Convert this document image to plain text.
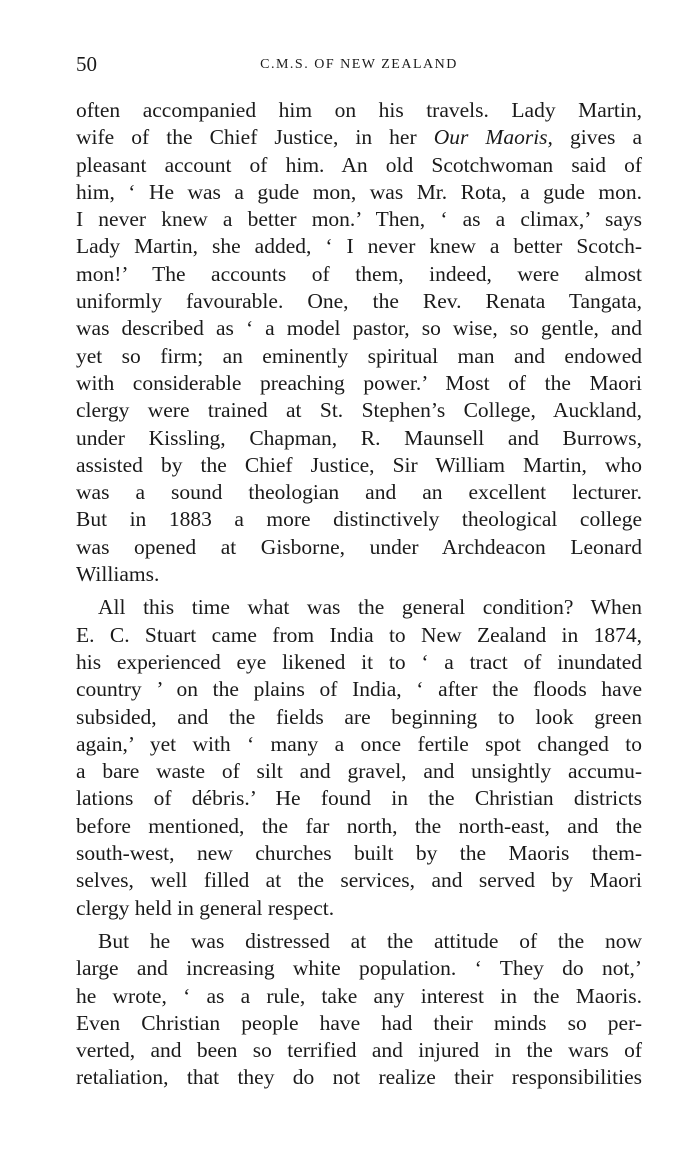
50	C.M.S. OF NEW ZEALAND
often accompanied him on his travels. Lady Martin,
wife of the Chief Justice, in her Our Maoris, gives a
pleasant account of him. An old Scotchwoman said of
him, ‘ He was a gude mon, was Mr. Rota, a gude mon.
I never knew a better mon.’ Then, ‘ as a climax,’ says
Lady Martin, she added, ‘ I never knew a better Scotch-
mon!’ The accounts of them, indeed, were almost
uniformly favourable. One, the Rev. Renata Tangata,
was described as ‘ a model pastor, so wise, so gentle, and
yet so firm; an eminently spiritual man and endowed
with considerable preaching power.’ Most of the Maori
clergy were trained at St. Stephen’s College, Auckland,
under Kissling, Chapman, R. Maunsell and Burrows,
assisted by the Chief Justice, Sir William Martin, who
was a sound theologian and an excellent lecturer.
But in 1883 a more distinctively theological college
was opened at Gisborne, under Archdeacon Leonard
Williams.
All this time what was the general condition? When
E. C. Stuart came from India to New Zealand in 1874,
his experienced eye likened it to ‘ a tract of inundated
country ’ on the plains of India, ‘ after the floods have
subsided, and the fields are beginning to look green
again,’ yet with ‘ many a once fertile spot changed to
a bare waste of silt and gravel, and unsightly accumu-
lations of débris.’ He found in the Christian districts
before mentioned, the far north, the north-east, and the
south-west, new churches built by the Maoris them-
selves, well filled at the services, and served by Maori
clergy held in general respect.
But he was distressed at the attitude of the now
large and increasing white population. ‘ They do not,’
he wrote, ‘ as a rule, take any interest in the Maoris.
Even Christian people have had their minds so per-
verted, and been so terrified and injured in the wars of
retaliation, that they do not realize their responsibilities
